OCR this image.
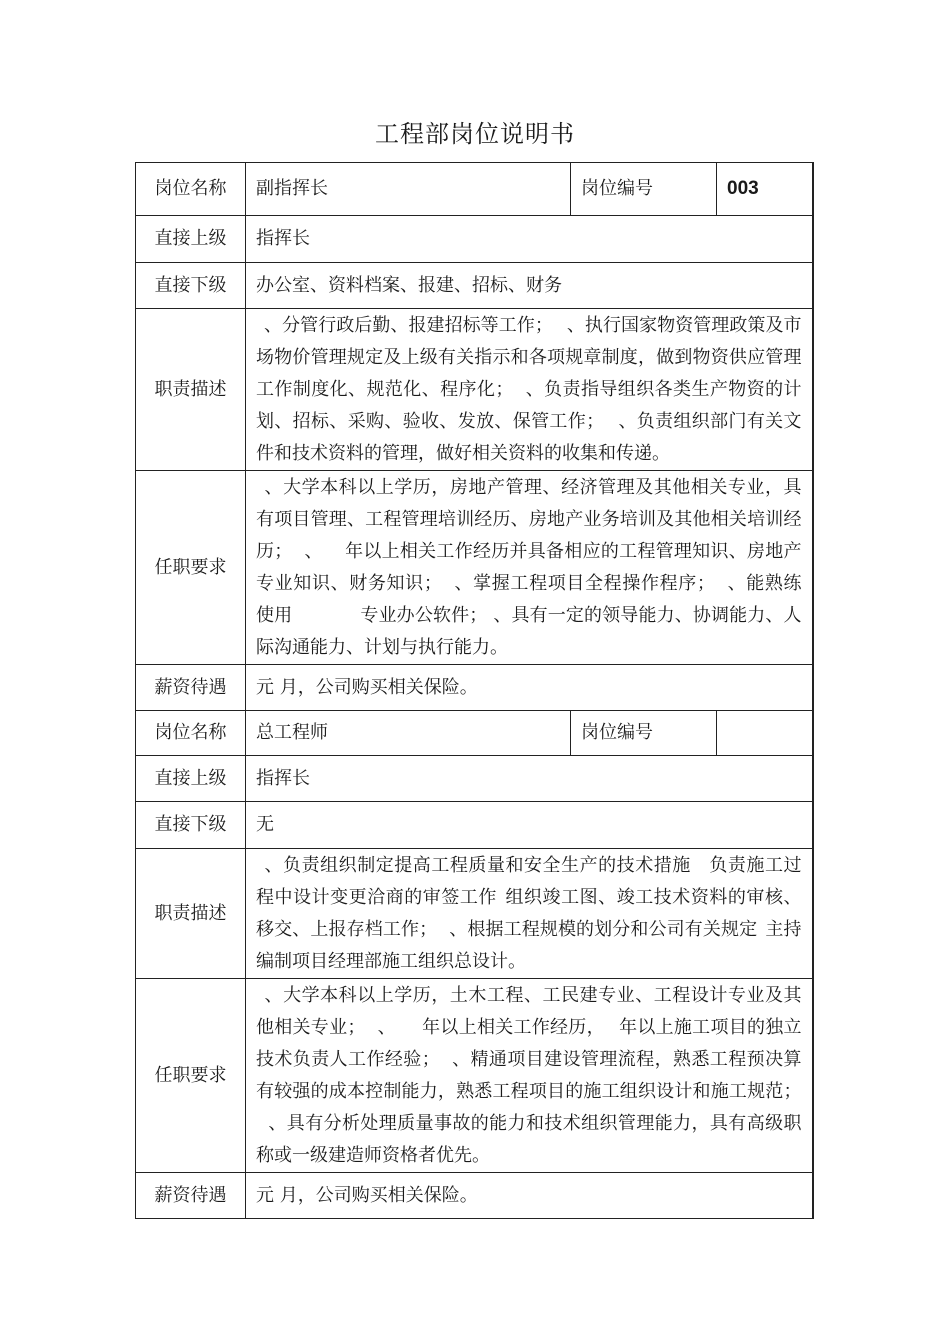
工程部岗位说明书
岗位名称	副指挥长	岗位编号	003
直接上级	指挥长		
直接下级	办公室、资料档案、报建、招标、财务		
职责描述	、分管行政后勤、报建招标等工作； 、执行国家物资管理政策及市场物价管理规定及上级有关指示和各项规章制度，做到物资供应管理工作制度化、规范化、程序化； 、负责指导组织各类生产物资的计划、招标、采购、验收、发放、保管工作； 、负责组织部门有关文件和技术资料的管理，做好相关资料的收集和传递。		
任职要求	、大学本科以上学历，房地产管理、经济管理及其他相关专业，具有项目管理、工程管理培训经历、房地产业务培训及其他相关培训经历； 、 年以上相关工作经历并具备相应的工程管理知识、房地产专业知识、财务知识； 、掌握工程项目全程操作程序； 、能熟练使用 专业办公软件； 、具有一定的领导能力、协调能力、人际沟通能力、计划与执行能力。		
薪资待遇	元 月，公司购买相关保险。		
岗位名称	总工程师	岗位编号	
直接上级	指挥长		
直接下级	无		
职责描述	、负责组织制定提高工程质量和安全生产的技术措施 负责施工过程中设计变更洽商的审签工作 组织竣工图、竣工技术资料的审核、移交、上报存档工作； 、根据工程规模的划分和公司有关规定 主持编制项目经理部施工组织总设计。		
任职要求	、大学本科以上学历，土木工程、工民建专业、工程设计专业及其他相关专业； 、 年以上相关工作经历， 年以上施工项目的独立技术负责人工作经验； 、精通项目建设管理流程，熟悉工程预决算有较强的成本控制能力，熟悉工程项目的施工组织设计和施工规范；、具有分析处理质量事故的能力和技术组织管理能力，具有高级职称或一级建造师资格者优先。		
薪资待遇	元 月，公司购买相关保险。		
